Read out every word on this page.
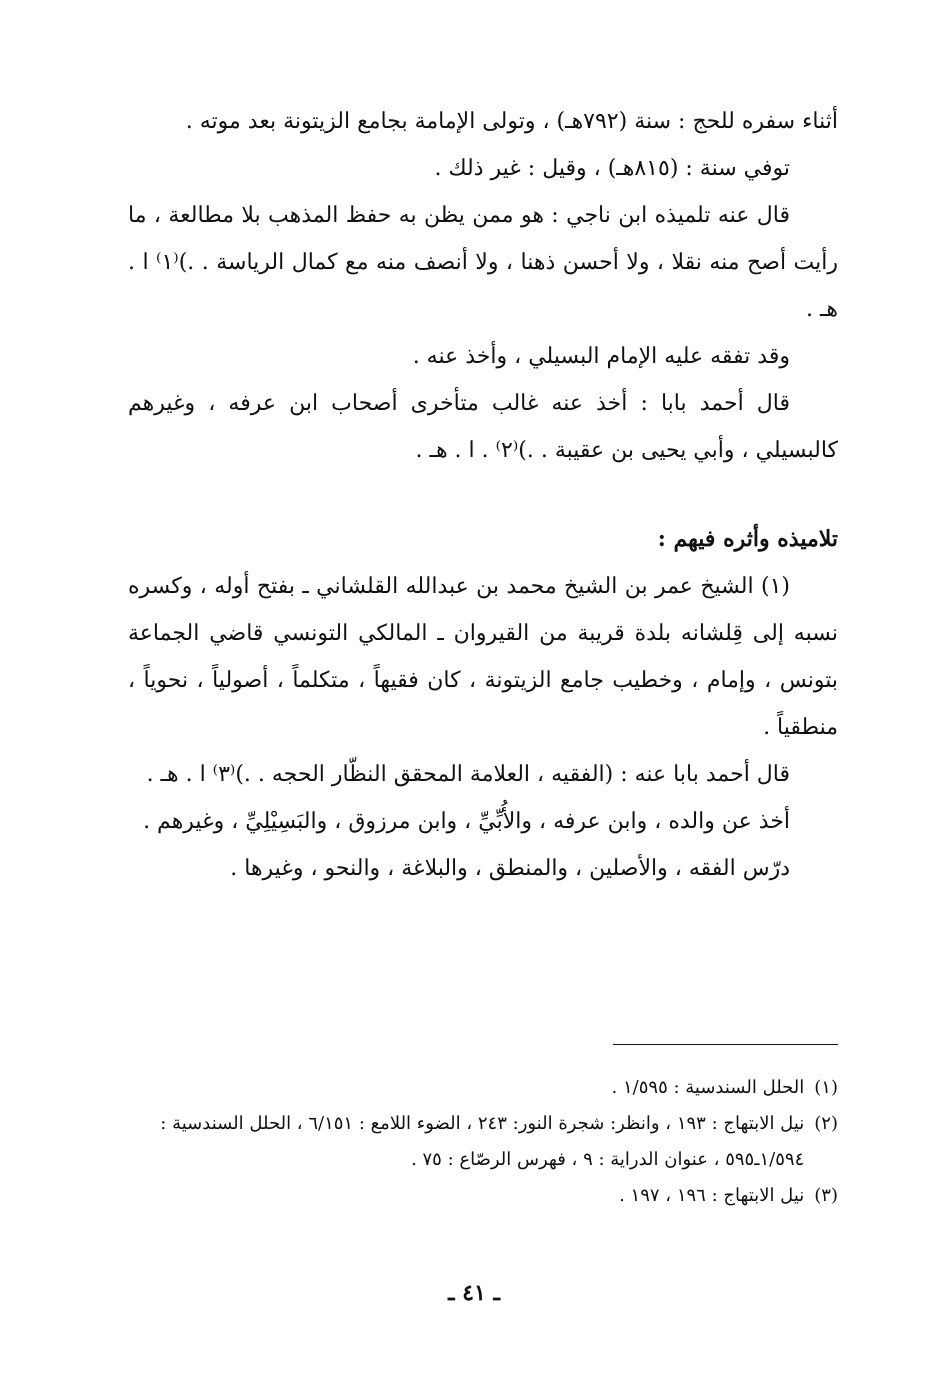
أثناء سفره للحج : سنة (٧٩٢هـ) ، وتولى الإمامة بجامع الزيتونة بعد موته .

توفي سنة : (٨١٥هـ) ، وقيل : غير ذلك .

قال عنه تلميذه ابن ناجي : هو ممن يظن به حفظ المذهب بلا مطالعة ، ما رأيت أصح منه نقلا ، ولا أحسن ذهنا ، ولا أنصف منه مع كمال الرياسة . .)⁽١⁾ ا . هـ .

وقد تفقه عليه الإمام البسيلي ، وأخذ عنه .

قال أحمد بابا : أخذ عنه غالب متأخرى أصحاب ابن عرفه ، وغيرهم كالبسيلي ، وأبي يحيى بن عقيبة . .)⁽٢⁾ . ا . هـ .

تلاميذه وأثره فيهم :

(١) الشيخ عمر بن الشيخ محمد بن عبدالله القلشاني ـ بفتح أوله ، وكسره نسبه إلى قِلشانه بلدة قريبة من القيروان ـ المالكي التونسي قاضي الجماعة بتونس ، وإمام ، وخطيب جامع الزيتونة ، كان فقيهاً ، متكلماً ، أصولياً ، نحوياً ، منطقياً .

قال أحمد بابا عنه : (الفقيه ، العلامة المحقق النظّار الحجه . .)⁽٣⁾ ا . هـ .

أخذ عن والده ، وابن عرفه ، والأُبِّيِّ ، وابن مرزوق ، والبَسِيْلِيِّ ، وغيرهم .

درّس الفقه ، والأصلين ، والمنطق ، والبلاغة ، والنحو ، وغيرها .

(١)
الحلل السندسية : ١/٥٩٥ .
(٢)
نيل الابتهاج : ١٩٣ ، وانظر: شجرة النور: ٢٤٣ ، الضوء اللامع : ٦/١٥١ ، الحلل السندسية : ١/٥٩٤ـ٥٩٥ ، عنوان الدراية : ٩ ، فهرس الرصّاع : ٧٥ .
(٣)
نيل الابتهاج : ١٩٦ ، ١٩٧ .
ـ ٤١ ـ
